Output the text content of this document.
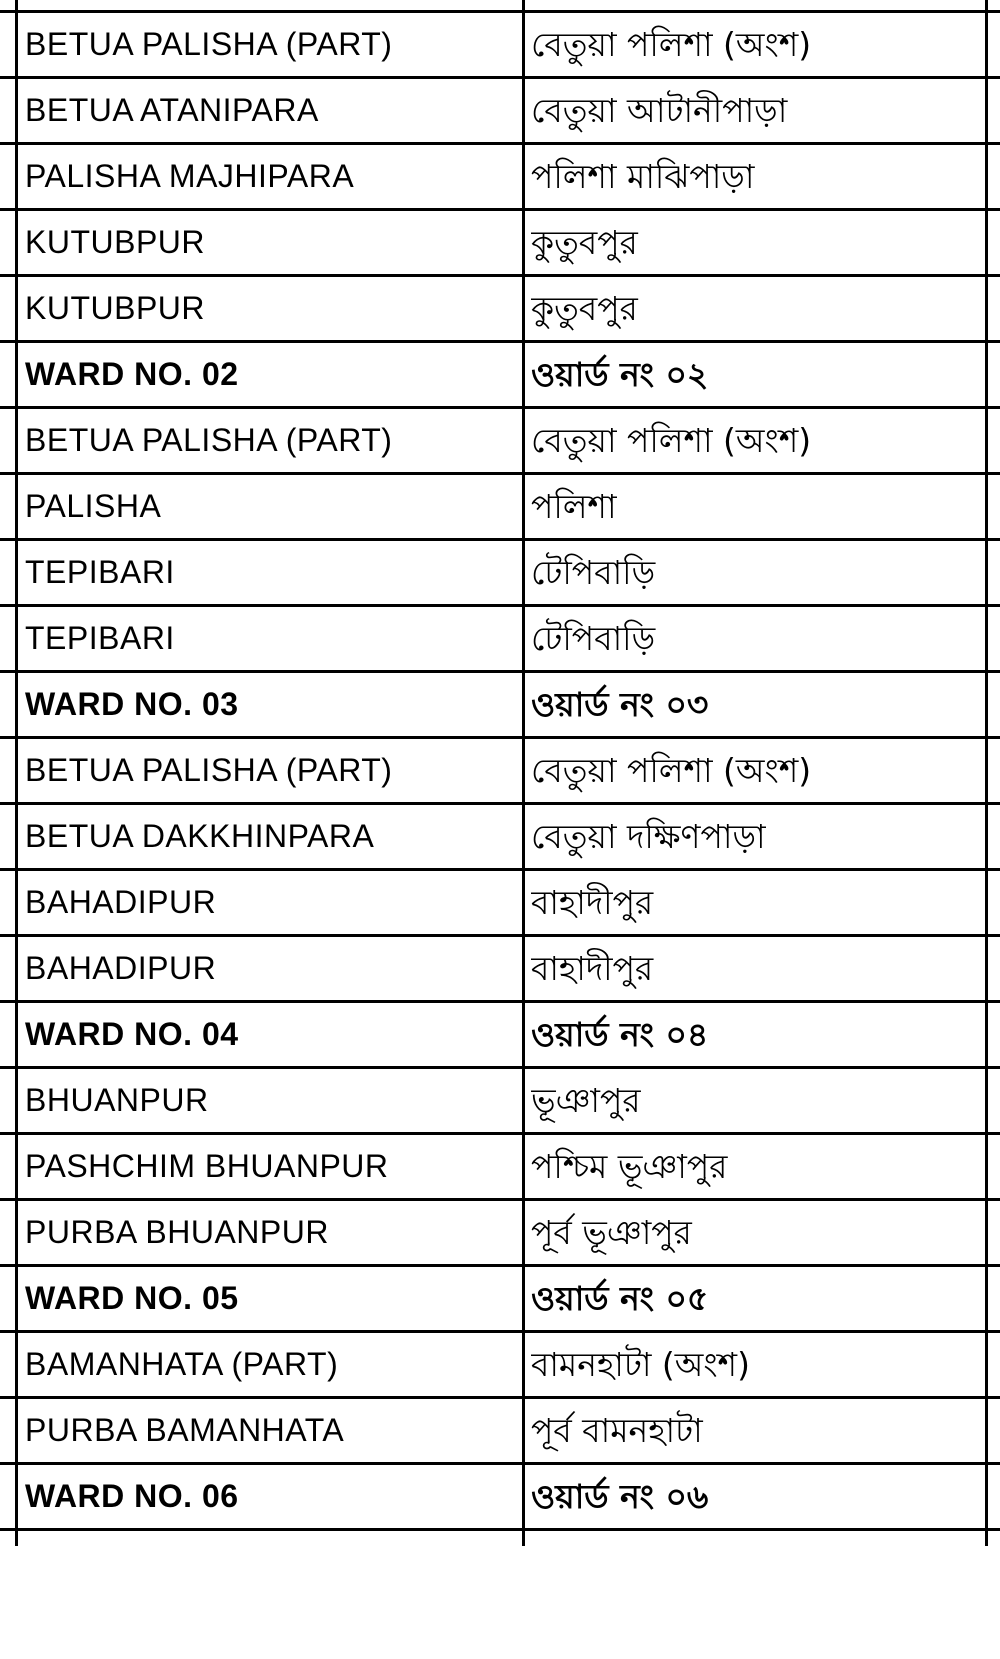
BETUA PALISHA (PART)	বেতুয়া পলিশা (অংশ)
BETUA ATANIPARA	বেতুয়া আটানীপাড়া
PALISHA MAJHIPARA	পলিশা মাঝিপাড়া
KUTUBPUR	কুতুবপুর
KUTUBPUR	কুতুবপুর
WARD NO. 02	ওয়ার্ড নং ০২
BETUA PALISHA (PART)	বেতুয়া পলিশা (অংশ)
PALISHA	পলিশা
TEPIBARI	টেপিবাড়ি
TEPIBARI	টেপিবাড়ি
WARD NO. 03	ওয়ার্ড নং ০৩
BETUA PALISHA (PART)	বেতুয়া পলিশা (অংশ)
BETUA DAKKHINPARA	বেতুয়া দক্ষিণপাড়া
BAHADIPUR	বাহাদীপুর
BAHADIPUR	বাহাদীপুর
WARD NO. 04	ওয়ার্ড নং ০৪
BHUANPUR	ভূঞাপুর
PASHCHIM BHUANPUR	পশ্চিম ভূঞাপুর
PURBA BHUANPUR	পূর্ব ভূঞাপুর
WARD NO. 05	ওয়ার্ড নং ০৫
BAMANHATA (PART)	বামনহাটা (অংশ)
PURBA BAMANHATA	পূর্ব বামনহাটা
WARD NO. 06	ওয়ার্ড নং ০৬
